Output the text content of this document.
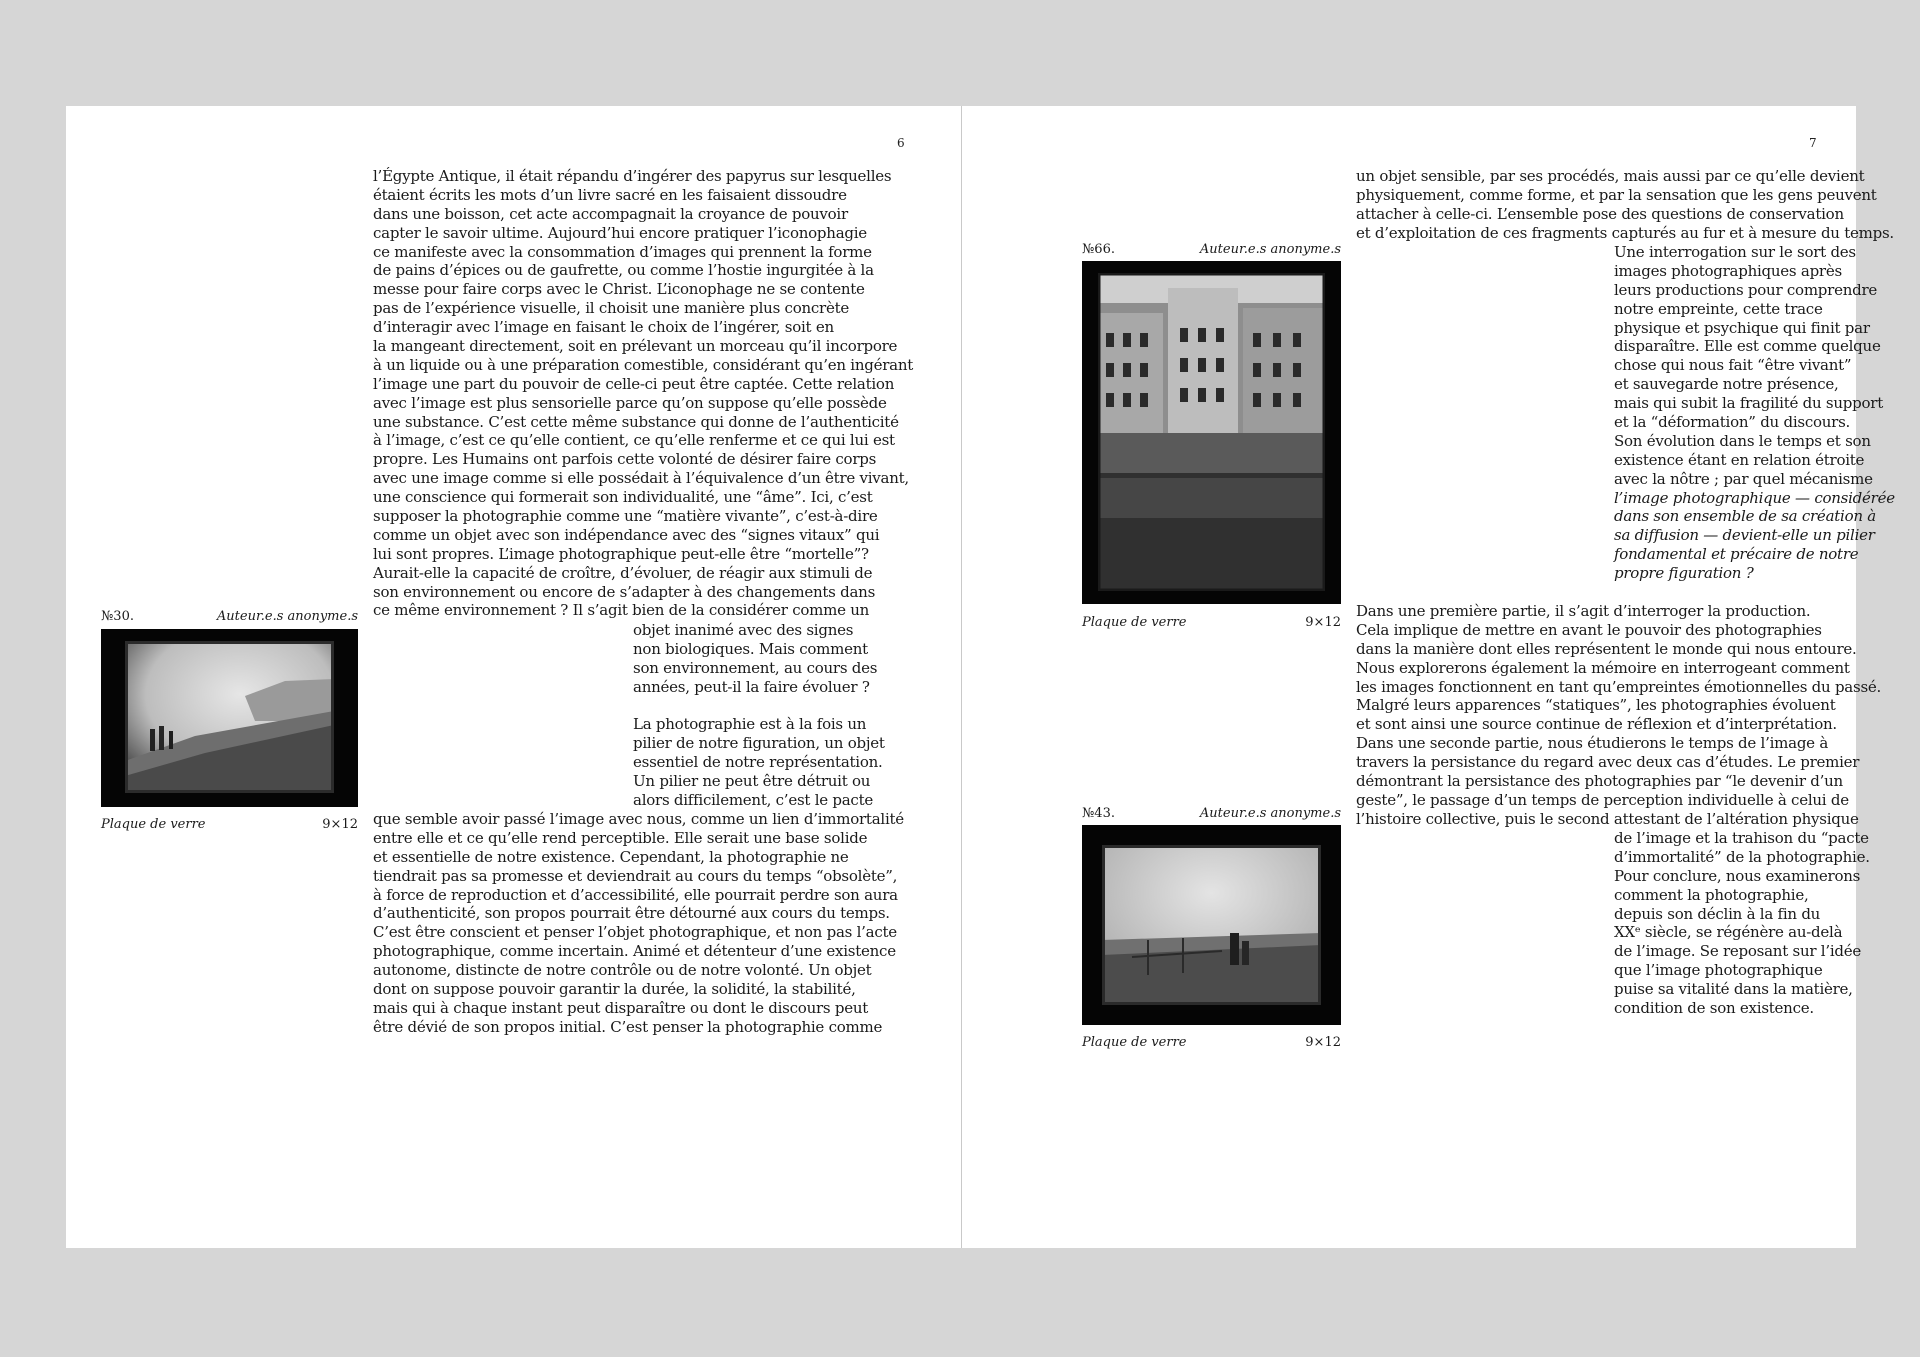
6
l’Égypte Antique, il était répandu d’ingérer des papyrus sur lesquelles
étaient écrits les mots d’un livre sacré en les faisaient dissoudre
dans une boisson, cet acte accompagnait la croyance de pouvoir
capter le savoir ultime. Aujourd’hui encore pratiquer l’iconophagie
ce manifeste avec la consommation d’images qui prennent la forme
de pains d’épices ou de gaufrette, ou comme l’hostie ingurgitée à la
messe pour faire corps avec le Christ. L’iconophage ne se contente
pas de l’expérience visuelle, il choisit une manière plus concrète
d’interagir avec l’image en faisant le choix de l’ingérer, soit en
la mangeant directement, soit en prélevant un morceau qu’il incorpore
à un liquide ou à une préparation comestible, considérant qu’en ingérant
l’image une part du pouvoir de celle-ci peut être captée. Cette relation
avec l’image est plus sensorielle parce qu’on suppose qu’elle possède
une substance. C’est cette même substance qui donne de l’authenticité
à l’image, c’est ce qu’elle contient, ce qu’elle renferme et ce qui lui est
propre. Les Humains ont parfois cette volonté de désirer faire corps
avec une image comme si elle possédait à l’équivalence d’un être vivant,
une conscience qui formerait son individualité, une “âme”. Ici, c’est
supposer la photographie comme une “matière vivante”, c’est-à-dire
comme un objet avec son indépendance avec des “signes vitaux” qui
lui sont propres. L’image photographique peut-elle être “mortelle”?
Aurait-elle la capacité de croître, d’évoluer, de réagir aux stimuli de
son environnement ou encore de s’adapter à des changements dans
ce même environnement ? Il s’agit bien de la considérer comme un
objet inanimé avec des signes
non biologiques. Mais comment
son environnement, au cours des
années, peut-il la faire évoluer ?
La photographie est à la fois un
pilier de notre figuration, un objet
essentiel de notre représentation.
Un pilier ne peut être détruit ou
alors difficilement, c’est le pacte
que semble avoir passé l’image avec nous, comme un lien d’immortalité
entre elle et ce qu’elle rend perceptible. Elle serait une base solide
et essentielle de notre existence. Cependant, la photographie ne
tiendrait pas sa promesse et deviendrait au cours du temps “obsolète”,
à force de reproduction et d’accessibilité, elle pourrait perdre son aura
d’authenticité, son propos pourrait être détourné aux cours du temps.
C’est être conscient et penser l’objet photographique, et non pas l’acte
photographique, comme incertain. Animé et détenteur d’une existence
autonome, distincte de notre contrôle ou de notre volonté. Un objet
dont on suppose pouvoir garantir la durée, la solidité, la stabilité,
mais qui à chaque instant peut disparaître ou dont le discours peut
être dévié de son propos initial. C’est penser la photographie comme
№30.	Auteur.e.s anonyme.s
Plaque de verre	9×12
7
un objet sensible, par ses procédés, mais aussi par ce qu’elle devient
physiquement, comme forme, et par la sensation que les gens peuvent
attacher à celle-ci. L’ensemble pose des questions de conservation
et d’exploitation de ces fragments capturés au fur et à mesure du temps.
Une interrogation sur le sort des
images photographiques après
leurs productions pour comprendre
notre empreinte, cette trace
physique et psychique qui finit par
disparaître. Elle est comme quelque
chose qui nous fait “être vivant”
et sauvegarde notre présence,
mais qui subit la fragilité du support
et la “déformation” du discours.
Son évolution dans le temps et son
existence étant en relation étroite
avec la nôtre ; par quel mécanisme
l’image photographique — considérée
dans son ensemble de sa création à
sa diffusion — devient-elle un pilier
fondamental et précaire de notre
propre figuration ?
Dans une première partie, il s’agit d’interroger la production.
Cela implique de mettre en avant le pouvoir des photographies
dans la manière dont elles représentent le monde qui nous entoure.
Nous explorerons également la mémoire en interrogeant comment
les images fonctionnent en tant qu’empreintes émotionnelles du passé.
Malgré leurs apparences “statiques”, les photographies évoluent
et sont ainsi une source continue de réflexion et d’interprétation.
Dans une seconde partie, nous étudierons le temps de l’image à
travers la persistance du regard avec deux cas d’études. Le premier
démontrant la persistance des photographies par “le devenir d’un
geste”, le passage d’un temps de perception individuelle à celui de
l’histoire collective, puis le second attestant de l’altération physique
de l’image et la trahison du “pacte
d’immortalité” de la photographie.
Pour conclure, nous examinerons
comment la photographie,
depuis son déclin à la fin du
XXᵉ siècle, se régénère au-delà
de l’image. Se reposant sur l’idée
que l’image photographique
puise sa vitalité dans la matière,
condition de son existence.
№66.	Auteur.e.s anonyme.s
Plaque de verre	9×12
№43.	Auteur.e.s anonyme.s
Plaque de verre	9×12
